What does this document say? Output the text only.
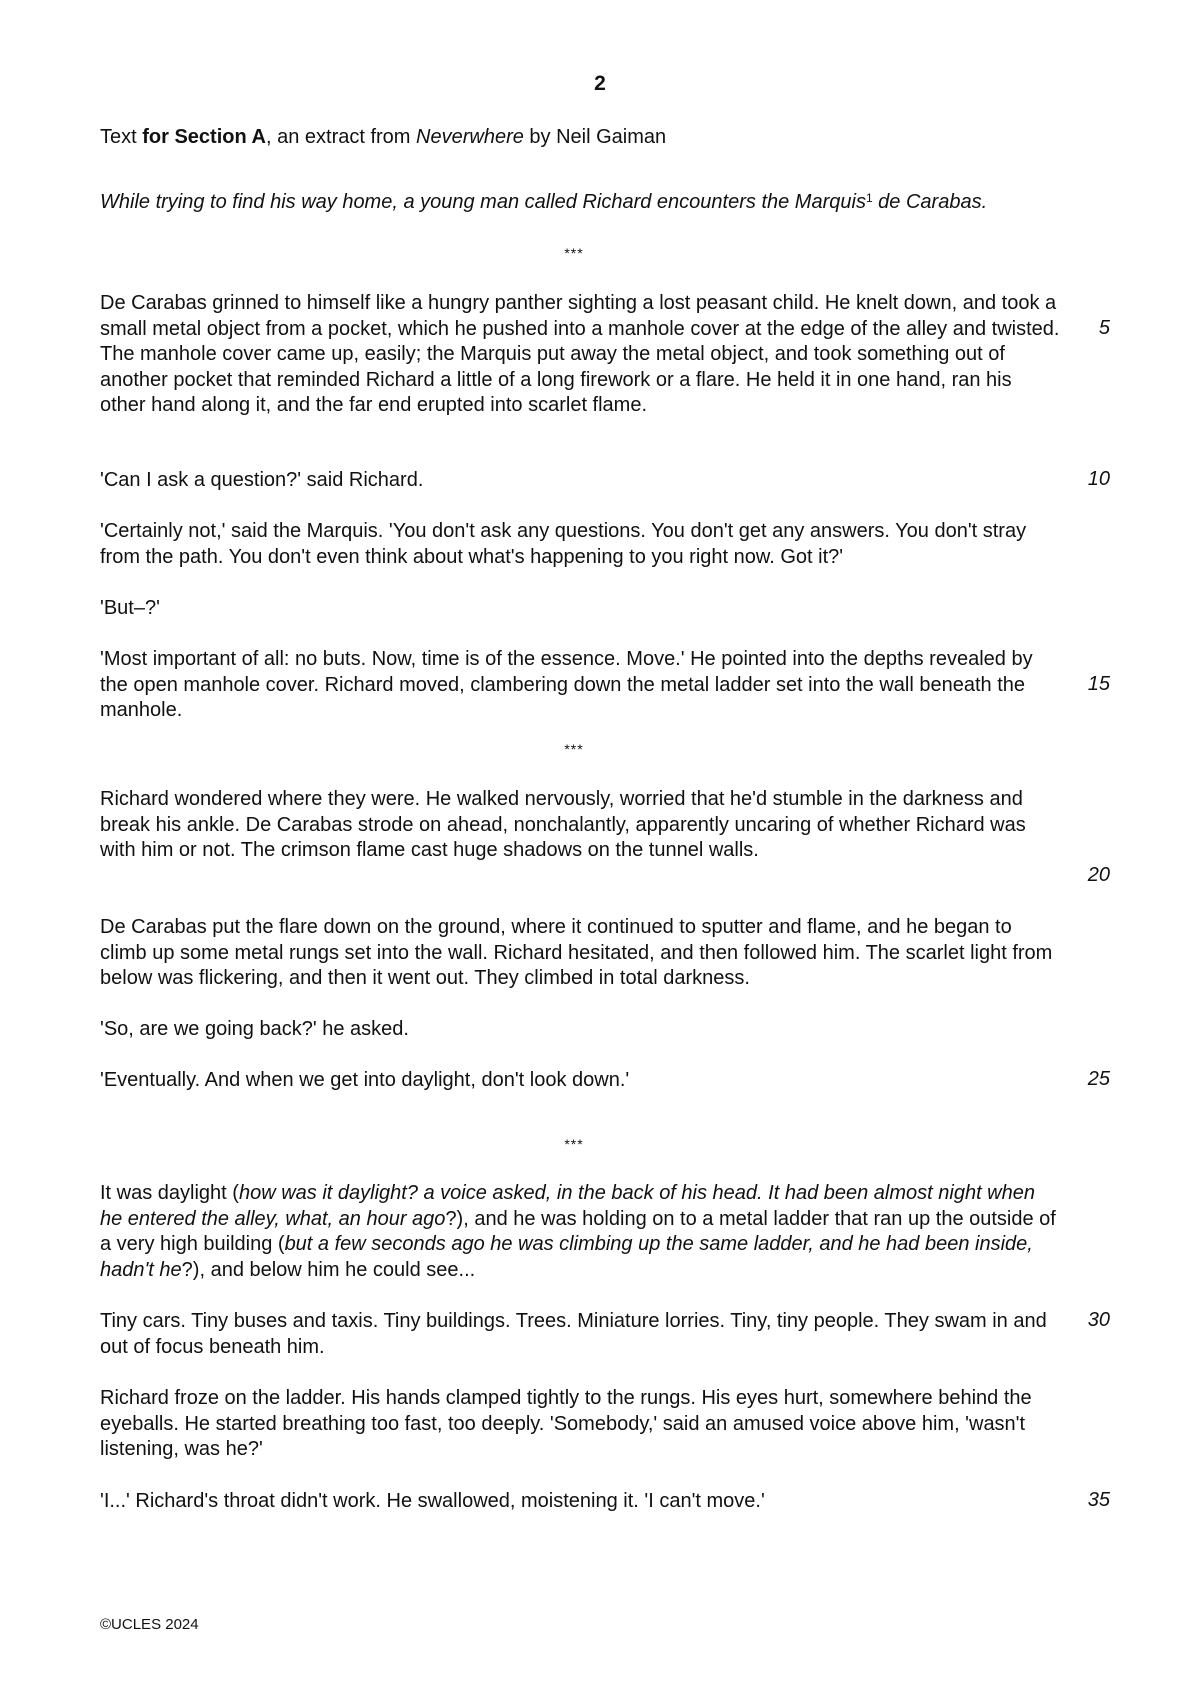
2
Text for Section A, an extract from Neverwhere by Neil Gaiman
While trying to find his way home, a young man called Richard encounters the Marquis$^1$ de Carabas.
***
De Carabas grinned to himself like a hungry panther sighting a lost peasant child. He knelt down, and took a small metal object from a pocket, which he pushed into a manhole cover at the edge of the alley and twisted. The manhole cover came up, easily; the Marquis put away the metal object, and took something out of another pocket that reminded Richard a little of a long firework or a flare. He held it in one hand, ran his other hand along it, and the far end erupted into scarlet flame.
5
'Can I ask a question?' said Richard.	10
'Certainly not,' said the Marquis. 'You don't ask any questions. You don't get any answers. You don't stray from the path. You don't even think about what's happening to you right now. Got it?'
'But–?'
'Most important of all: no buts. Now, time is of the essence. Move.' He pointed into the depths revealed by the open manhole cover. Richard moved, clambering down the metal ladder set into the wall beneath the manhole.
15
***
Richard wondered where they were. He walked nervously, worried that he'd stumble in the darkness and break his ankle. De Carabas strode on ahead, nonchalantly, apparently uncaring of whether Richard was with him or not. The crimson flame cast huge shadows on the tunnel walls.
20
De Carabas put the flare down on the ground, where it continued to sputter and flame, and he began to climb up some metal rungs set into the wall. Richard hesitated, and then followed him. The scarlet light from below was flickering, and then it went out. They climbed in total darkness.
'So, are we going back?' he asked.
'Eventually. And when we get into daylight, don't look down.'	25
***
It was daylight (how was it daylight? a voice asked, in the back of his head. It had been almost night when he entered the alley, what, an hour ago?), and he was holding on to a metal ladder that ran up the outside of a very high building (but a few seconds ago he was climbing up the same ladder, and he had been inside, hadn't he?), and below him he could see...
Tiny cars. Tiny buses and taxis. Tiny buildings. Trees. Miniature lorries. Tiny, tiny people. They swam in and out of focus beneath him.
30
Richard froze on the ladder. His hands clamped tightly to the rungs. His eyes hurt, somewhere behind the eyeballs. He started breathing too fast, too deeply. 'Somebody,' said an amused voice above him, 'wasn't listening, was he?'
'I...' Richard's throat didn't work. He swallowed, moistening it. 'I can't move.'	35
©UCLES 2024
